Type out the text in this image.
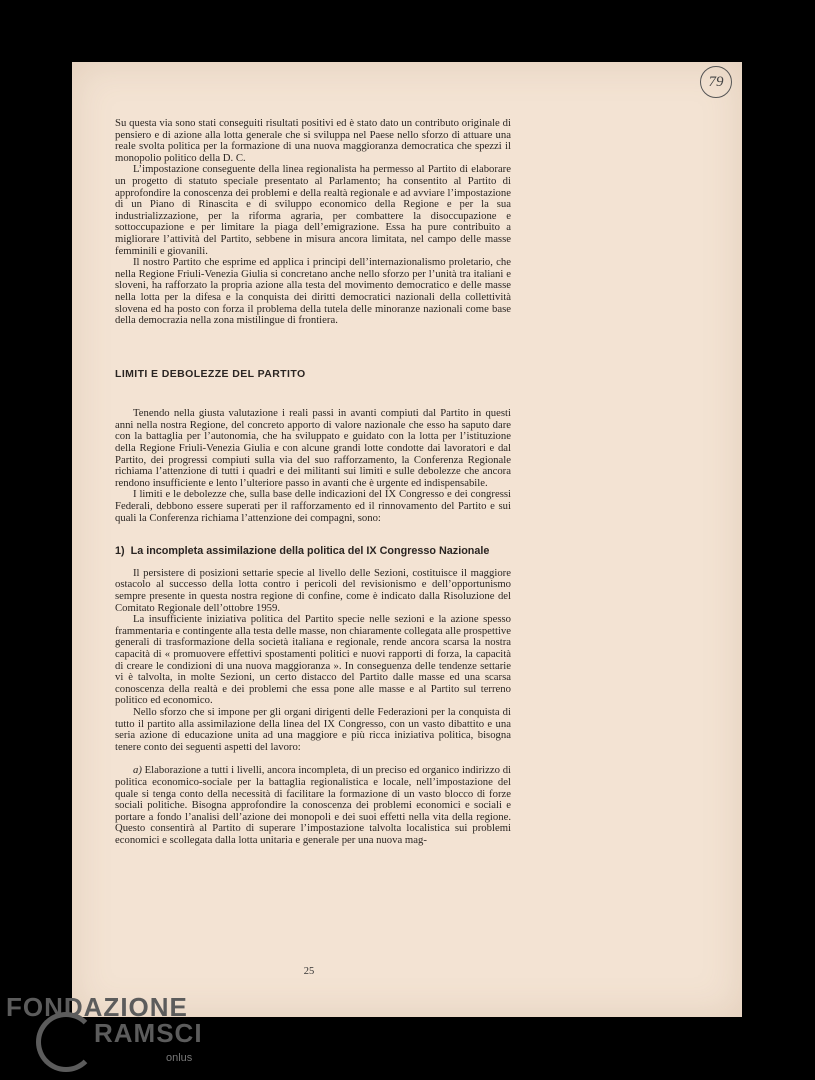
79

Su questa via sono stati conseguiti risultati positivi ed è stato dato un contributo originale di pensiero e di azione alla lotta generale che si sviluppa nel Paese nello sforzo di attuare una reale svolta politica per la formazione di una nuova maggioranza democratica che spezzi il monopolio politico della D. C.

L’impostazione conseguente della linea regionalista ha permesso al Partito di elaborare un progetto di statuto speciale presentato al Parlamento; ha consentito al Partito di approfondire la conoscenza dei problemi e della realtà regionale e ad avviare l’impostazione di un Piano di Rinascita e di sviluppo economico della Regione e per la sua industrializzazione, per la riforma agraria, per combattere la disoccupazione e sottoccupazione e per limitare la piaga dell’emigrazione. Essa ha pure contribuito a migliorare l’attività del Partito, sebbene in misura ancora limitata, nel campo delle masse femminili e giovanili.

Il nostro Partito che esprime ed applica i principi dell’internazionalismo proletario, che nella Regione Friuli-Venezia Giulia si concretano anche nello sforzo per l’unità tra italiani e sloveni, ha rafforzato la propria azione alla testa del movimento democratico e delle masse nella lotta per la difesa e la conquista dei diritti democratici nazionali della collettività slovena ed ha posto con forza il problema della tutela delle minoranze nazionali come base della democrazia nella zona mistilingue di frontiera.

LIMITI E DEBOLEZZE DEL PARTITO

Tenendo nella giusta valutazione i reali passi in avanti compiuti dal Partito in questi anni nella nostra Regione, del concreto apporto di valore nazionale che esso ha saputo dare con la battaglia per l’autonomia, che ha sviluppato e guidato con la lotta per l’istituzione della Regione Friuli-Venezia Giulia e con alcune grandi lotte condotte dai lavoratori e dal Partito, dei progressi compiuti sulla via del suo rafforzamento, la Conferenza Regionale richiama l’attenzione di tutti i quadri e dei militanti sui limiti e sulle debolezze che ancora rendono insufficiente e lento l’ulteriore passo in avanti che è urgente ed indispensabile.

I limiti e le debolezze che, sulla base delle indicazioni del IX Congresso e dei congressi Federali, debbono essere superati per il rafforzamento ed il rinnovamento del Partito e sui quali la Conferenza richiama l’attenzione dei compagni, sono:

1) La incompleta assimilazione della politica del IX Congresso Nazionale

Il persistere di posizioni settarie specie al livello delle Sezioni, costituisce il maggiore ostacolo al successo della lotta contro i pericoli del revisionismo e dell’opportunismo sempre presente in questa nostra regione di confine, come è indicato dalla Risoluzione del Comitato Regionale dell’ottobre 1959.

La insufficiente iniziativa politica del Partito specie nelle sezioni e la azione spesso frammentaria e contingente alla testa delle masse, non chiaramente collegata alle prospettive generali di trasformazione della società italiana e regionale, rende ancora scarsa la nostra capacità di « promuovere effettivi spostamenti politici e nuovi rapporti di forza, la capacità di creare le condizioni di una nuova maggioranza ». In conseguenza delle tendenze settarie vi è talvolta, in molte Sezioni, un certo distacco del Partito dalle masse ed una scarsa conoscenza della realtà e dei problemi che essa pone alle masse e al Partito sul terreno politico ed economico.

Nello sforzo che si impone per gli organi dirigenti delle Federazioni per la conquista di tutto il partito alla assimilazione della linea del IX Congresso, con un vasto dibattito e una seria azione di educazione unita ad una maggiore e più ricca iniziativa politica, bisogna tenere conto dei seguenti aspetti del lavoro:

a) Elaborazione a tutti i livelli, ancora incompleta, di un preciso ed organico indirizzo di politica economico-sociale per la battaglia regionalistica e locale, nell’impostazione del quale si tenga conto della necessità di facilitare la formazione di un vasto blocco di forze sociali politiche. Bisogna approfondire la conoscenza dei problemi economici e sociali e portare a fondo l’analisi dell’azione dei monopoli e dei suoi effetti nella vita della regione. Questo consentirà al Partito di superare l’impostazione talvolta localistica sui problemi economici e scollegata dalla lotta unitaria e generale per una nuova mag-

25
FONDAZIONE
RAMSCI
onlus
